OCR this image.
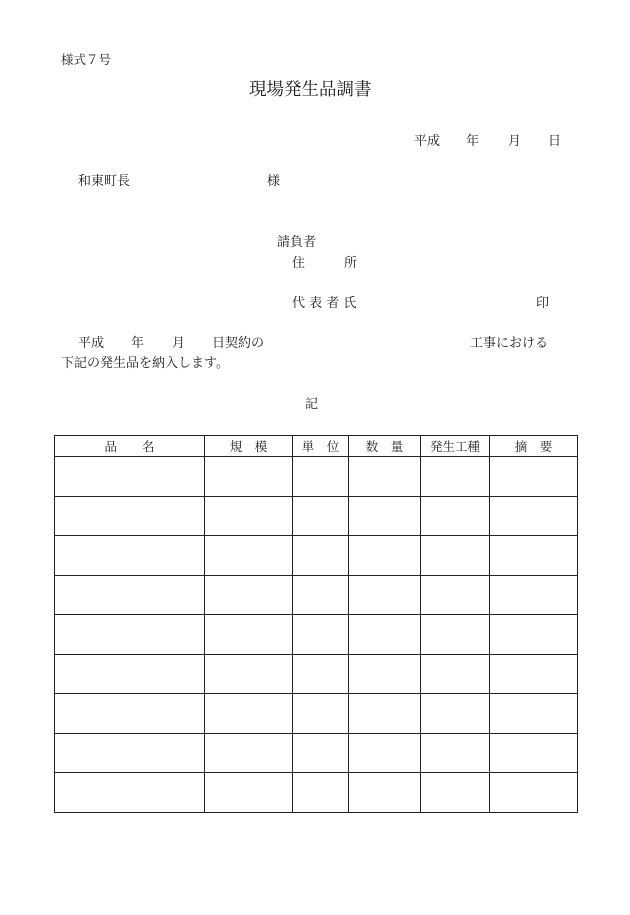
様式７号
現場発生品調書
平成 年 月 日
和東町長	様
請負者
住　　　所
代 表 者 氏	印
平成 年 月 日契約の	工事における
下記の発生品を納入します。
記
品　　名	規　模	単　位	数　量	発生工種	摘　要
